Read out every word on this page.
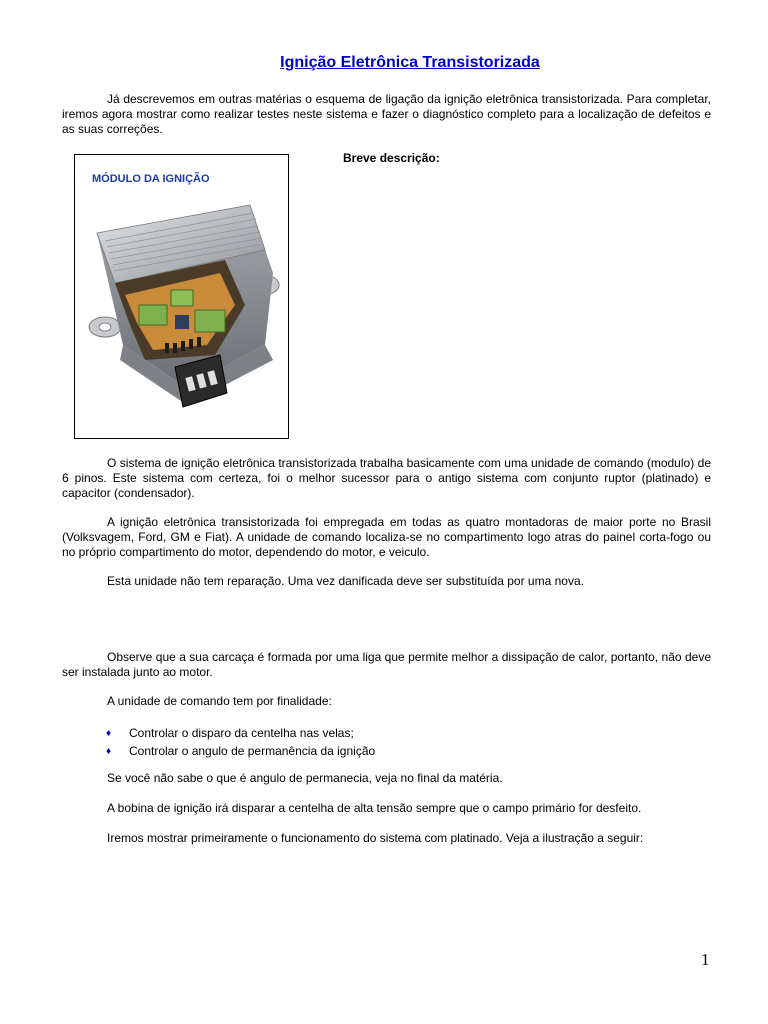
Ignição Eletrônica Transistorizada
Já descrevemos em outras matérias o esquema de ligação da ignição eletrônica transistorizada. Para completar, iremos agora mostrar como realizar testes neste sistema e fazer o diagnóstico completo para a localização de defeitos e as suas correções.
MÓDULO DA IGNIÇÃO
Breve descrição:
O sistema de ignição eletrônica transistorizada trabalha basicamente com uma unidade de comando (modulo) de 6 pinos. Este sistema com certeza, foi o melhor sucessor para o antigo sistema com conjunto ruptor (platinado) e capacitor (condensador).
A ignição eletrônica transistorizada foi empregada em todas as quatro montadoras de maior porte no Brasil (Volksvagem, Ford, GM e Fiat). A unidade de comando localiza-se no compartimento logo atras do painel corta-fogo ou no próprio compartimento do motor, dependendo do motor, e veiculo.
Esta unidade não tem reparação. Uma vez danificada deve ser substituída por uma nova.
Observe que a sua carcaça é formada por uma liga que permite melhor a dissipação de calor, portanto, não deve ser instalada junto ao motor.
A unidade de comando tem por finalidade:
♦	Controlar o disparo da centelha nas velas;
♦	Controlar o angulo de permanência da ignição
Se você não sabe o que é angulo de permanecia, veja no final da matéria.
A bobina de ignição irá disparar a centelha de alta tensão sempre que o campo primário for desfeito.
Iremos mostrar primeiramente o funcionamento do sistema com platinado. Veja a ilustração a seguir:
1
